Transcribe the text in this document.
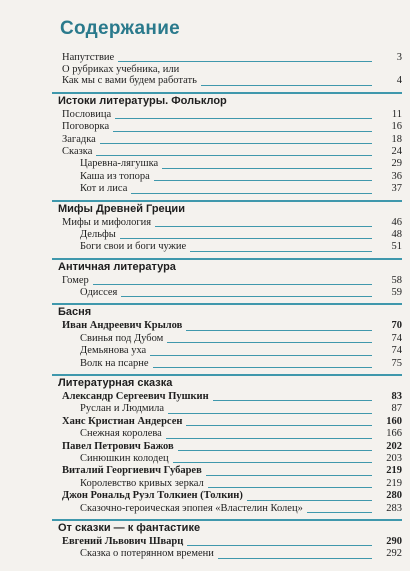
Содержание
Напутствие	3
О рубриках учебника, или
Как мы с вами будем работать	4
Истоки литературы. Фольклор
Пословица	11
Поговорка	16
Загадка	18
Сказка	24
Царевна-лягушка	29
Каша из топора	36
Кот и лиса	37
Мифы Древней Греции
Мифы и мифология	46
Дельфы	48
Боги свои и боги чужие	51
Античная литература
Гомер	58
Одиссея	59
Басня
Иван Андреевич Крылов	70
Свинья под Дубом	74
Демьянова уха	74
Волк на псарне	75
Литературная сказка
Александр Сергеевич Пушкин	83
Руслан и Людмила	87
Ханс Кристиан Андерсен	160
Снежная королева	166
Павел Петрович Бажов	202
Синюшкин колодец	203
Виталий Георгиевич Губарев	219
Королевство кривых зеркал	219
Джон Рональд Руэл Толкиен (Толкин)	280
Сказочно-героическая эпопея «Властелин Колец»	283
От сказки — к фантастике
Евгений Львович Шварц	290
Сказка о потерянном времени	292
